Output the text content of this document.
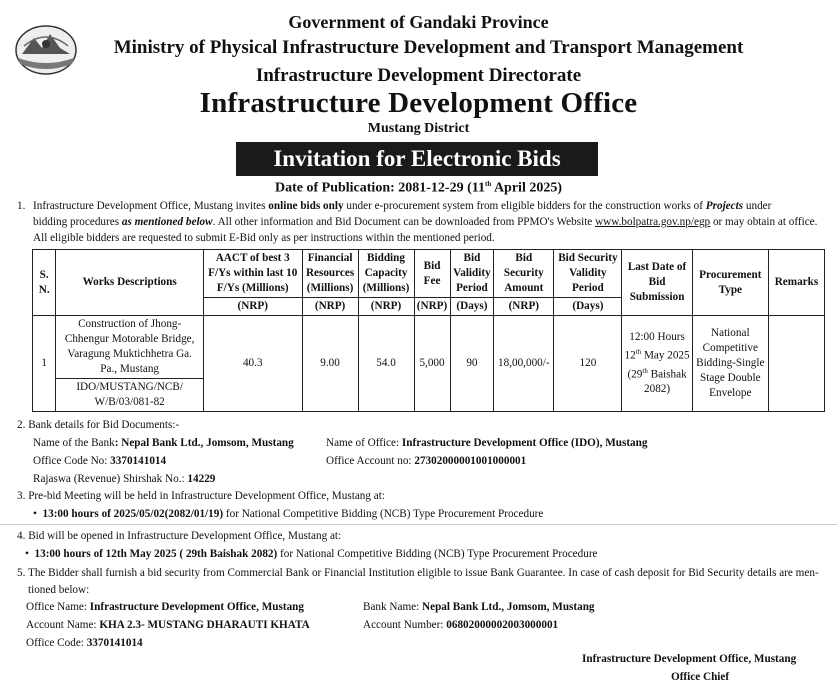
Government of Gandaki Province
Ministry of Physical Infrastructure Development and Transport Management
Infrastructure Development Directorate
Infrastructure Development Office
Mustang District
Invitation for Electronic Bids
Date of Publication: 2081-12-29 (11th April 2025)
1. Infrastructure Development Office, Mustang invites online bids only under e-procurement system from eligible bidders for the construction works of Projects under
bidding procedures as mentioned below. All other information and Bid Document can be downloaded from PPMO's Website www.bolpatra.gov.np/egp or may obtain at office.
All eligible bidders are requested to submit E-Bid only as per instructions within the mentioned period.
S. N.	Works Descriptions	AACT of best 3 F/Ys within last 10 F/Ys (Millions)	Financial Resources (Millions)	Bidding Capacity (Millions)	Bid Fee	Bid Validity Period	Bid Security Amount	Bid Security Validity Period	Last Date of Bid Submission	Procurement Type	Remarks
		(NRP)	(NRP)	(NRP)	(NRP)	(Days)	(NRP)	(Days)			
1	Construction of Jhong-Chhengur Motorable Bridge, Varagung Muktichhetra Ga. Pa., Mustang	40.3	9.00	54.0	5,000	90	18,00,000/-	120	12:00 Hours 12th May 2025 (29th Baishak 2082)	National Competitive Bidding-Single Stage Double Envelope	
	IDO/MUSTANG/NCB/ W/B/03/081-82										
2. Bank details for Bid Documents:-
Name of the Bank: Nepal Bank Ltd., Jomsom, Mustang	Name of Office: Infrastructure Development Office (IDO), Mustang
Office Code No: 3370141014	Office Account no: 27302000001001000001
Rajaswa (Revenue) Shirshak No.: 14229
3. Pre-bid Meeting will be held in Infrastructure Development Office, Mustang at:
•  13:00 hours of 2025/05/02(2082/01/19) for National Competitive Bidding (NCB) Type Procurement Procedure
4. Bid will be opened in Infrastructure Development Office, Mustang at:
•  13:00 hours of 12th May 2025 ( 29th Baishak 2082) for National Competitive Bidding (NCB) Type Procurement Procedure
5. The Bidder shall furnish a bid security from Commercial Bank or Financial Institution eligible to issue Bank Guarantee. In case of cash deposit for Bid Security details are men-
tioned below:
Office Name: Infrastructure Development Office, Mustang	Bank Name: Nepal Bank Ltd., Jomsom, Mustang
Account Name: KHA 2.3- MUSTANG DHARAUTI KHATA	Account Number: 06802000002003000001
Office Code: 3370141014
Infrastructure Development Office, Mustang
Office Chief
